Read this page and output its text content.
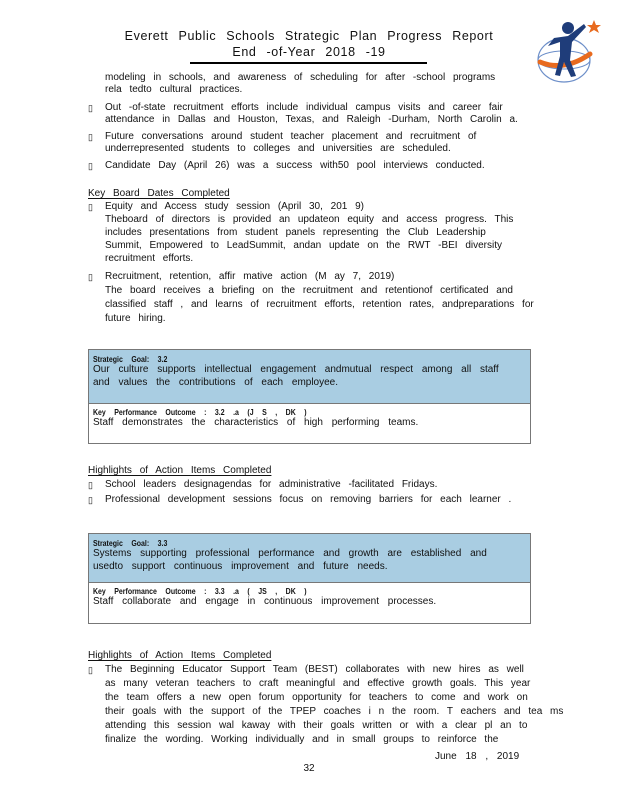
Everett Public Schools Strategic Plan Progress Report
End -of-Year 2018 -19
modeling in schools, and awareness of scheduling for after -school programs
rela tedto cultural practices.
▯ Out -of-state recruitment efforts include individual campus visits and career fair
attendance in Dallas and Houston, Texas, and Raleigh -Durham, North Carolin a.
▯ Future conversations around student teacher placement and recruitment of
underrepresented students to colleges and universities are scheduled.
▯ Candidate Day (April 26) was a success with50 pool interviews conducted.
Key Board Dates Completed
▯ Equity and Access study session (April 30, 201 9)
Theboard of directors is provided an updateon equity and access progress. This
includes presentations from student panels representing the Club Leadership
Summit, Empowered to LeadSummit, andan update on the RWT -BEI diversity
recruitment efforts.
▯ Recruitment, retention, affir mative action (M ay 7, 2019)
The board receives a briefing on the recruitment and retentionof certificated and
classified staff , and learns of recruitment efforts, retention rates, andpreparations for
future hiring.
Strategic Goal: 3.2
Our culture supports intellectual engagement andmutual respect among all staff
and values the contributions of each employee.
Key Performance Outcome : 3.2 .a (J S , DK )
Staff demonstrates the characteristics of high performing teams.
Highlights of Action Items Completed
▯ School leaders designagendas for administrative -facilitated Fridays.
▯ Professional development sessions focus on removing barriers for each learner .
Strategic Goal: 3.3
Systems supporting professional performance and growth are established and
usedto support continuous improvement and future needs.
Key Performance Outcome : 3.3 .a ( JS , DK )
Staff collaborate and engage in continuous improvement processes.
Highlights of Action Items Completed
▯ The Beginning Educator Support Team (BEST) collaborates with new hires as well
as many veteran teachers to craft meaningful and effective growth goals. This year
the team offers a new open forum opportunity for teachers to come and work on
their goals with the support of the TPEP coaches i n the room. T eachers and tea ms
attending this session wal kaway with their goals written or with a clear pl an to
finalize the wording. Working individually and in small groups to reinforce the
June 18 , 2019
32
